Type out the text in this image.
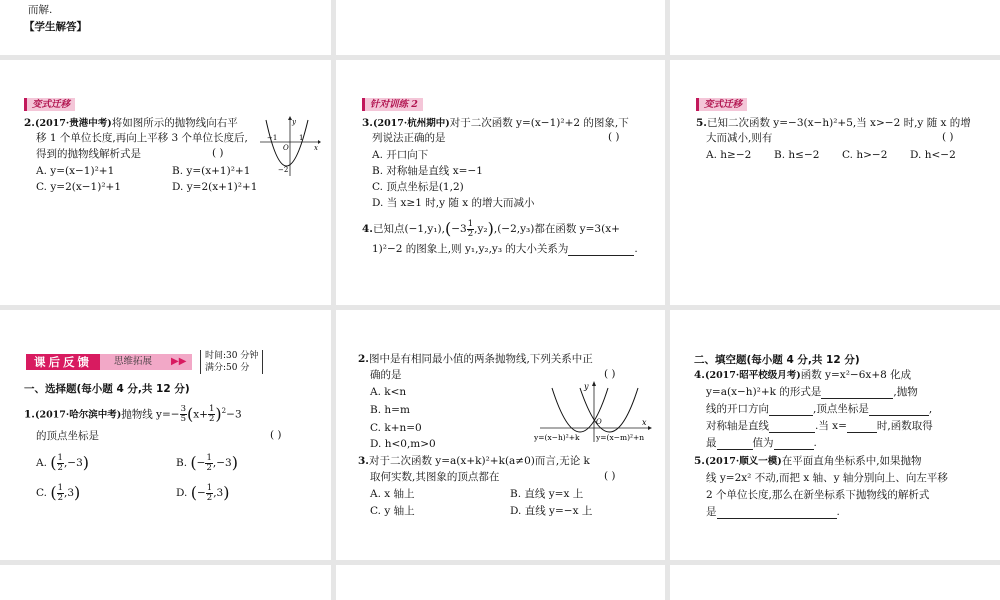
而解.
【学生解答】
变式迁移
2.(2017·贵港中考)将如图所示的抛物线向右平
移 1 个单位长度,再向上平移 3 个单位长度后,
得到的抛物线解析式是	( )
A. y=(x−1)²+1	B. y=(x+1)²+1
C. y=2(x−1)²+1	D. y=2(x+1)²+1
y
x
−1
O
1
−2
针对训练 2
3.(2017·杭州期中)对于二次函数 y=(x−1)²+2 的图象,下
列说法正确的是	( )
A. 开口向下
B. 对称轴是直线 x=−1
C. 顶点坐标是(1,2)
D. 当 x≥1 时,y 随 x 的增大而减小
4.已知点$(-1,y_1),(-3 \frac{1}{2} ,y_2),(-2,y_3)$都在函数 y=3(x+
1)²−2 的图象上,则 y₁,y₂,y₃ 的大小关系为	.
变式迁移
5.已知二次函数 y=−3(x−h)²+5,当 x>−2 时,y 随 x 的增
大而减小,则有	( )
A. h≥−2 B. h≤−2 C. h>−2 D. h<−2
课后反馈	思维拓展 ▶▶ 时间:30 分钟
满分:50 分
一、选择题(每小题 4 分,共 12 分)
1.(2017·哈尔滨中考)抛物线 $y=- \frac{3}{5} (x+ \frac{1}{2} )^2-3$
的顶点坐标是	( )
A. ( $\frac{1}{2} ,-3$)	B. (− $\frac{1}{2} ,-3$)
C. ( $\frac{1}{2} ,3$)	D. (− $\frac{1}{2} ,3$)
2.图中是有相同最小值的两条抛物线,下列关系中正
确的是	( )
A. k<n
B. h=m
C. k+n=0
D. h<0,m>0
y
x
O
y=(x−h)²+k y=(x−m)²+n
3.对于二次函数 y=a(x+k)²+k(a≠0)而言,无论 k
取何实数,其图象的顶点都在	( )
A. x 轴上	B. 直线 y=x 上
C. y 轴上	D. 直线 y=−x 上
二、填空题(每小题 4 分,共 12 分)
4.(2017·昭平校级月考)函数 y=x²−6x+8 化成
y=a(x−h)²+k 的形式是	,抛物
线的开口方向	,顶点坐标是	,
对称轴是直线	.当 x=	时,函数取得
最	值为	.
5.(2017·顺义一模)在平面直角坐标系中,如果抛物
线 y=2x² 不动,而把 x 轴、y 轴分别向上、向左平移
2 个单位长度,那么在新坐标系下抛物线的解析式
是	.
